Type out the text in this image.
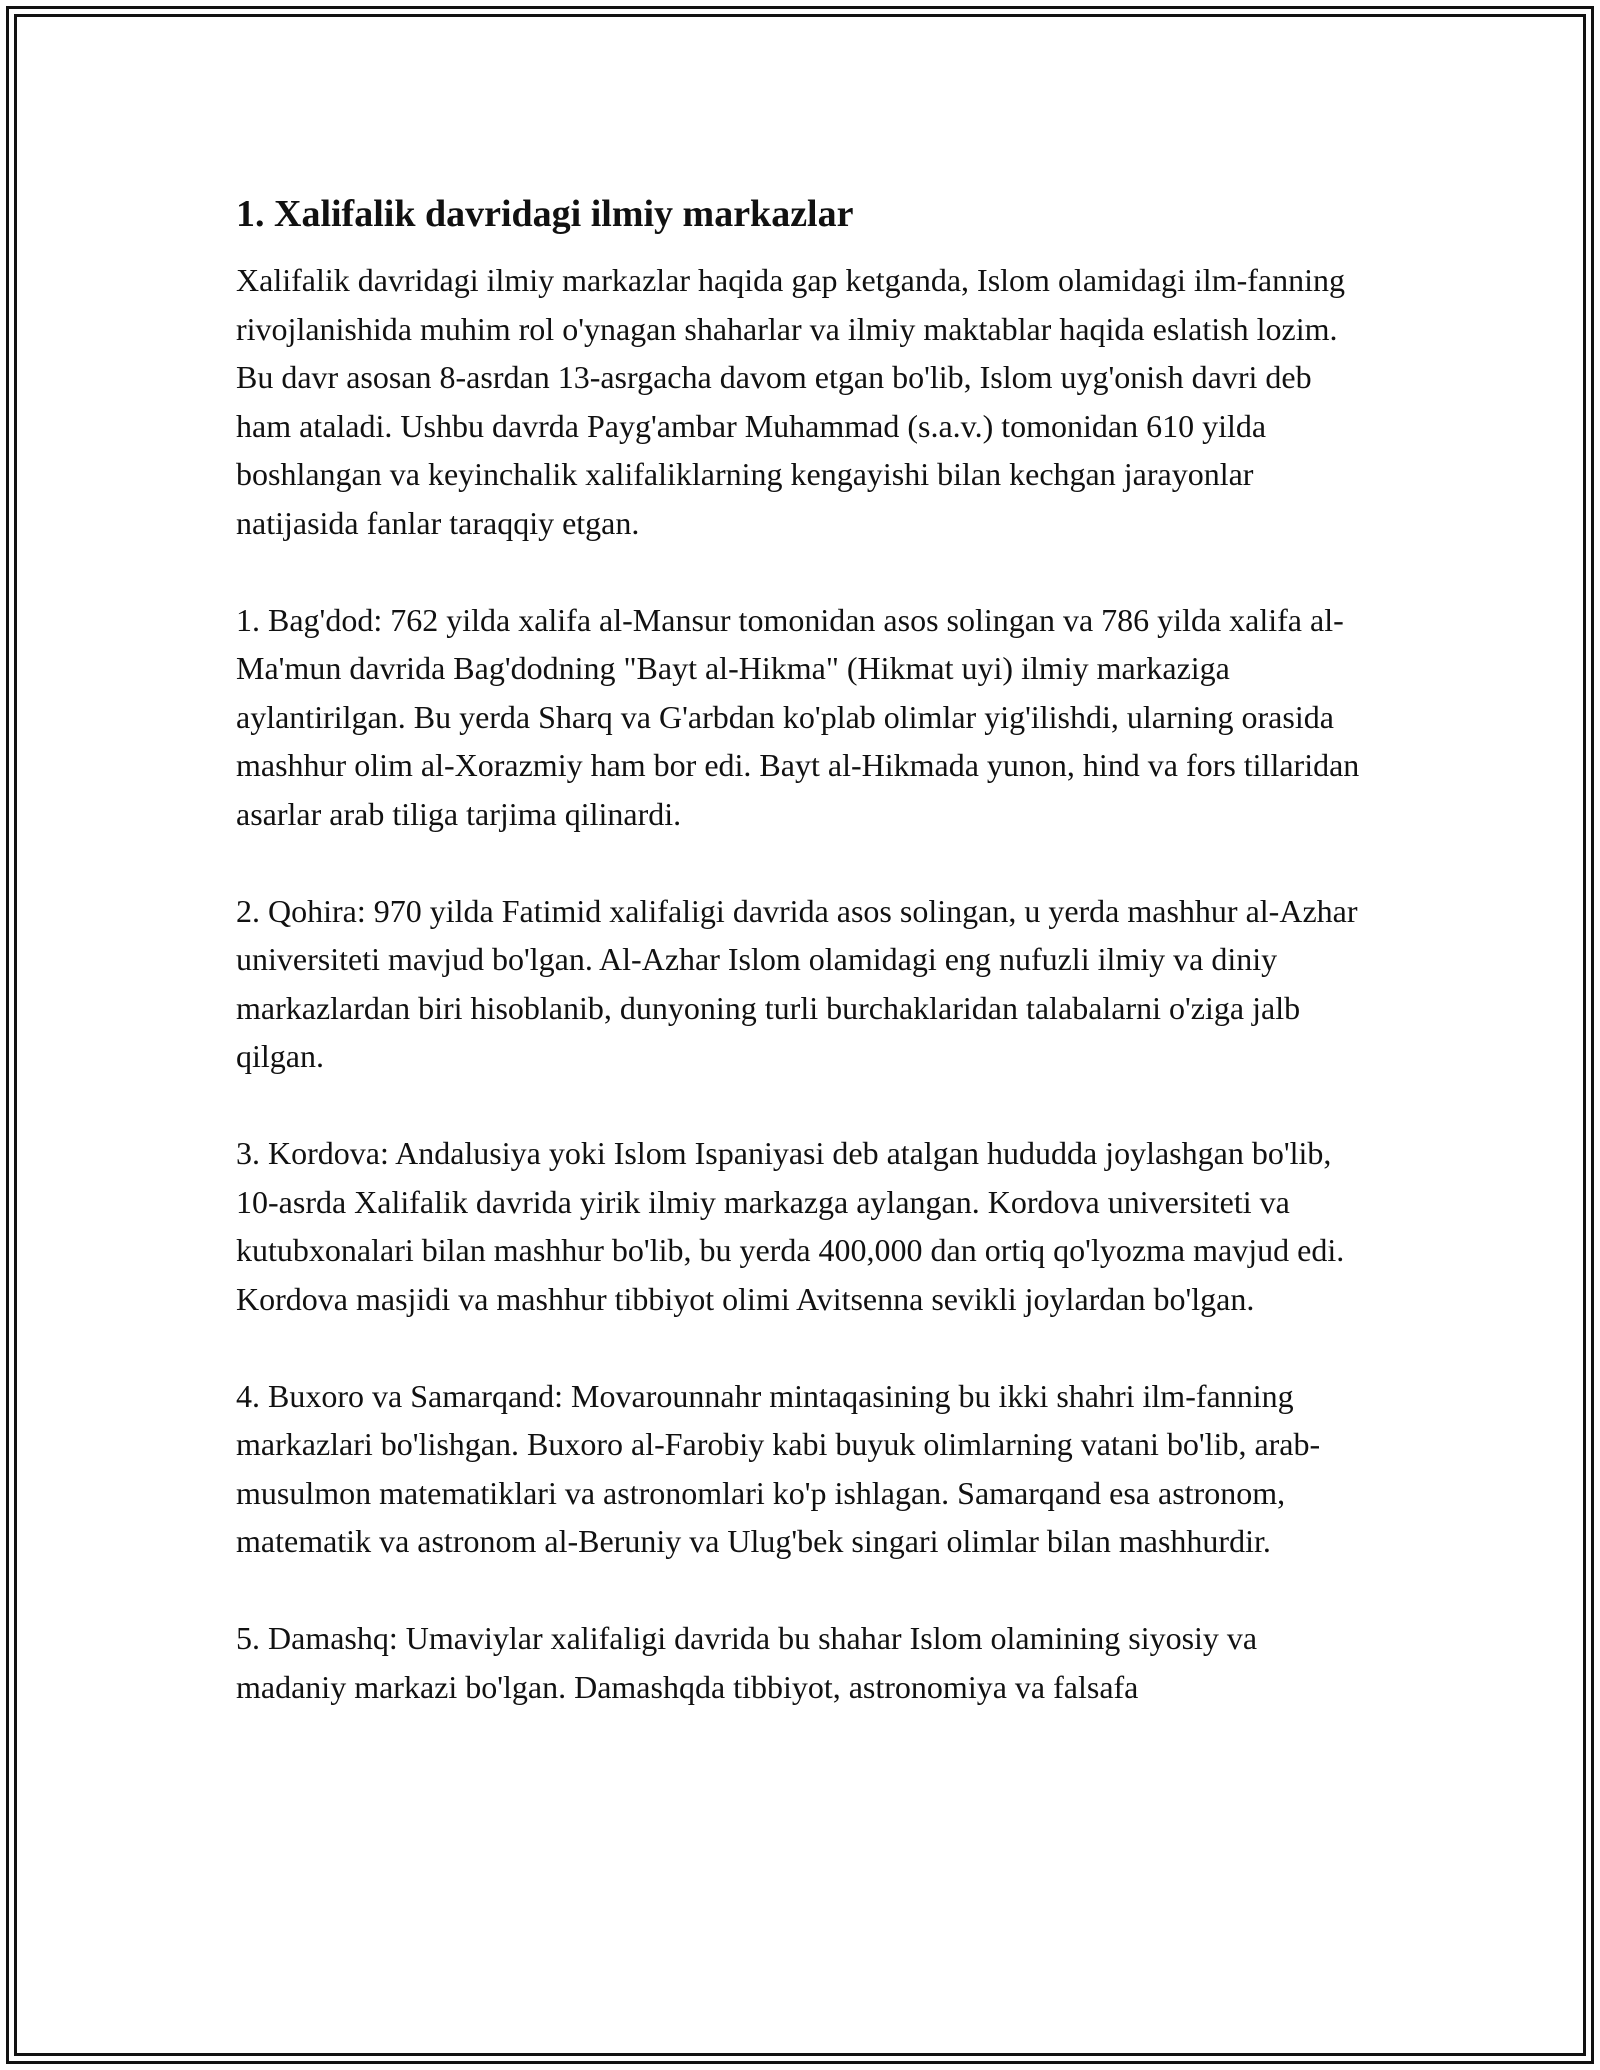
1. Xalifalik davridagi ilmiy markazlar

Xalifalik davridagi ilmiy markazlar haqida gap ketganda, Islom olamidagi ilm-fanning rivojlanishida muhim rol o'ynagan shaharlar va ilmiy maktablar haqida eslatish lozim. Bu davr asosan 8-asrdan 13-asrgacha davom etgan bo'lib, Islom uyg'onish davri deb ham ataladi. Ushbu davrda Payg'ambar Muhammad (s.a.v.) tomonidan 610 yilda boshlangan va keyinchalik xalifaliklarning kengayishi bilan kechgan jarayonlar natijasida fanlar taraqqiy etgan.

1. Bag'dod: 762 yilda xalifa al-Mansur tomonidan asos solingan va 786 yilda xalifa al-Ma'mun davrida Bag'dodning "Bayt al-Hikma" (Hikmat uyi) ilmiy markaziga aylantirilgan. Bu yerda Sharq va G'arbdan ko'plab olimlar yig'ilishdi, ularning orasida mashhur olim al-Xorazmiy ham bor edi. Bayt al-Hikmada yunon, hind va fors tillaridan asarlar arab tiliga tarjima qilinardi.

2. Qohira: 970 yilda Fatimid xalifaligi davrida asos solingan, u yerda mashhur al-Azhar universiteti mavjud bo'lgan. Al-Azhar Islom olamidagi eng nufuzli ilmiy va diniy markazlardan biri hisoblanib, dunyoning turli burchaklaridan talabalarni o'ziga jalb qilgan.

3. Kordova: Andalusiya yoki Islom Ispaniyasi deb atalgan hududda joylashgan bo'lib, 10-asrda Xalifalik davrida yirik ilmiy markazga aylangan. Kordova universiteti va kutubxonalari bilan mashhur bo'lib, bu yerda 400,000 dan ortiq qo'lyozma mavjud edi. Kordova masjidi va mashhur tibbiyot olimi Avitsenna sevikli joylardan bo'lgan.

4. Buxoro va Samarqand: Movarounnahr mintaqasining bu ikki shahri ilm-fanning markazlari bo'lishgan. Buxoro al-Farobiy kabi buyuk olimlarning vatani bo'lib, arab-musulmon matematiklari va astronomlari ko'p ishlagan. Samarqand esa astronom, matematik va astronom al-Beruniy va Ulug'bek singari olimlar bilan mashhurdir.

5. Damashq: Umaviylar xalifaligi davrida bu shahar Islom olamining siyosiy va madaniy markazi bo'lgan. Damashqda tibbiyot, astronomiya va falsafa
